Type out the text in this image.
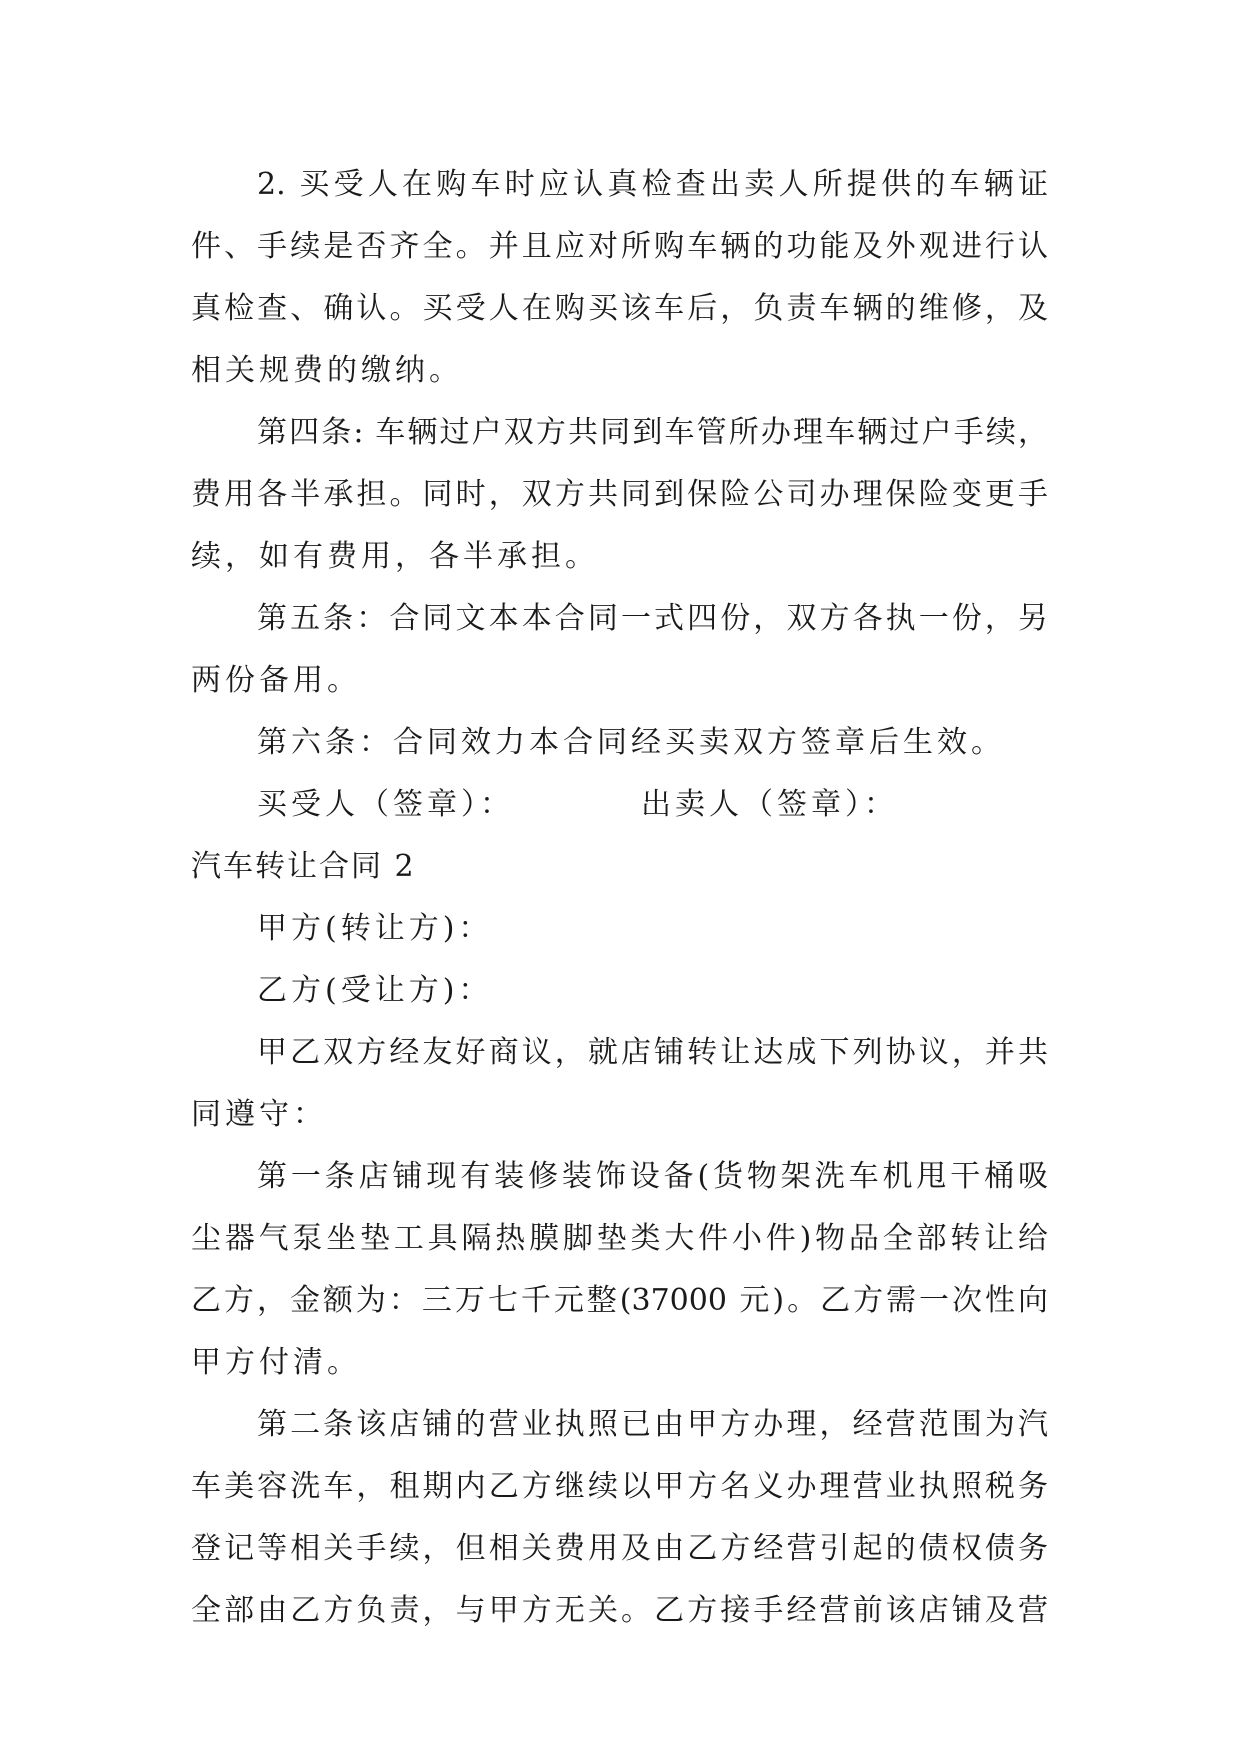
2. 买受人在购车时应认真检查出卖人所提供的车辆证
件、手续是否齐全。并且应对所购车辆的功能及外观进行认
真检查、确认。买受人在购买该车后，负责车辆的维修，及
相关规费的缴纳。
第四条: 车辆过户双方共同到车管所办理车辆过户手续，
费用各半承担。同时，双方共同到保险公司办理保险变更手
续，如有费用，各半承担。
第五条：合同文本本合同一式四份，双方各执一份，另
两份备用。
第六条：合同效力本合同经买卖双方签章后生效。
买受人（签章）：	出卖人（签章）：
汽车转让合同 2
甲方(转让方)：
乙方(受让方)：
甲乙双方经友好商议，就店铺转让达成下列协议，并共
同遵守：
第一条店铺现有装修装饰设备(货物架洗车机甩干桶吸
尘器气泵坐垫工具隔热膜脚垫类大件小件)物品全部转让给
乙方，金额为：三万七千元整(37000 元)。乙方需一次性向
甲方付清。
第二条该店铺的营业执照已由甲方办理，经营范围为汽
车美容洗车，租期内乙方继续以甲方名义办理营业执照税务
登记等相关手续，但相关费用及由乙方经营引起的债权债务
全部由乙方负责，与甲方无关。乙方接手经营前该店铺及营
